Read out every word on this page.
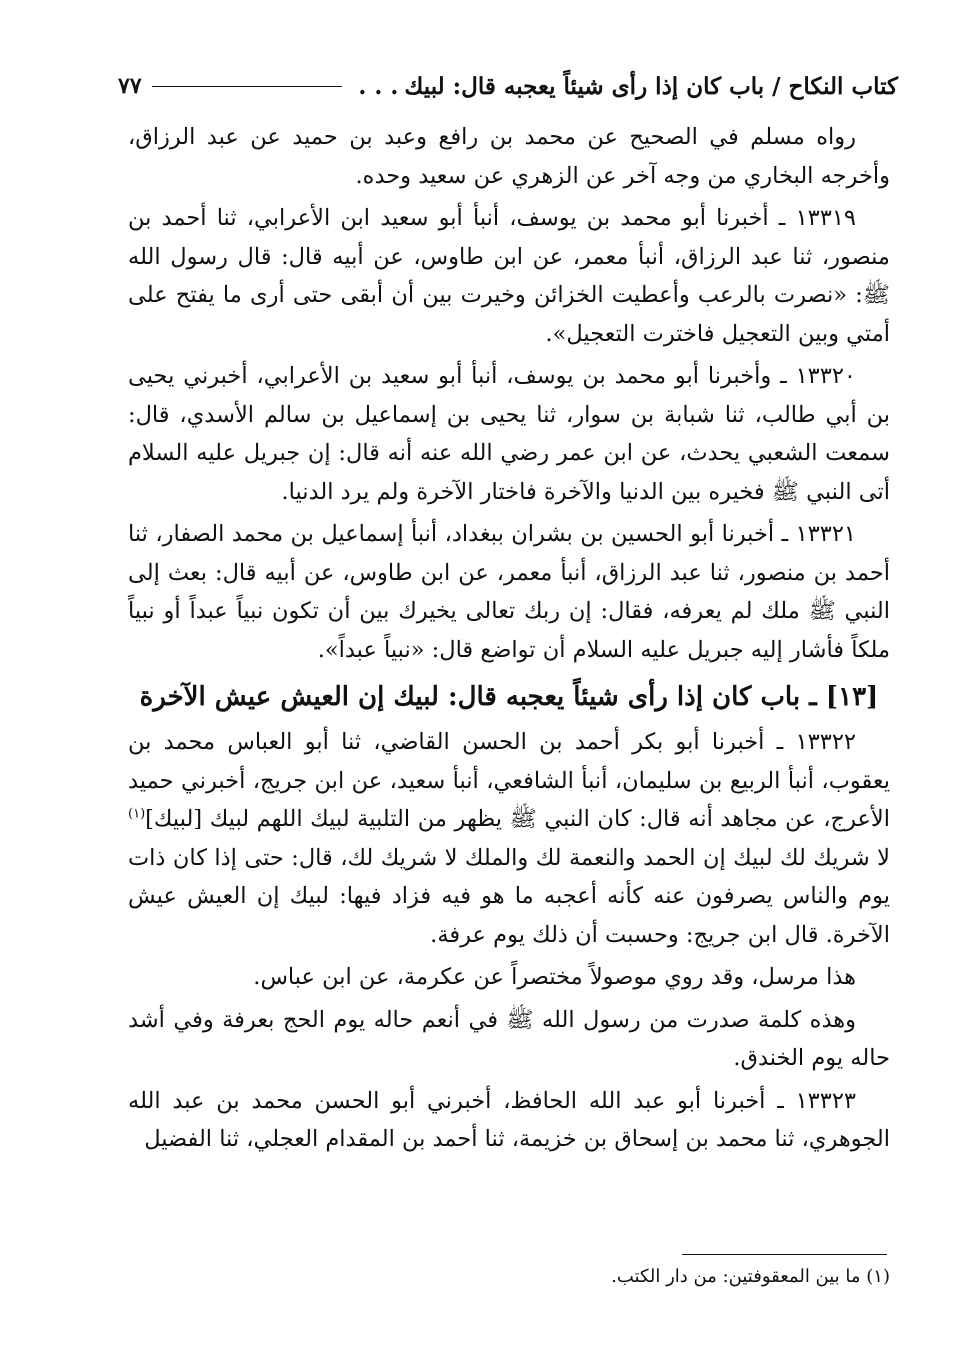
كتاب النكاح / باب كان إذا رأى شيئاً يعجبه قال: لبيك
. . .
٧٧

رواه مسلم في الصحيح عن محمد بن رافع وعبد بن حميد عن عبد الرزاق، وأخرجه البخاري من وجه آخر عن الزهري عن سعيد وحده.

١٣٣١٩ ـ أخبرنا أبو محمد بن يوسف، أنبأ أبو سعيد ابن الأعرابي، ثنا أحمد بن منصور، ثنا عبد الرزاق، أنبأ معمر، عن ابن طاوس، عن أبيه قال: قال رسول الله ﷺ: «نصرت بالرعب وأعطيت الخزائن وخيرت بين أن أبقى حتى أرى ما يفتح على أمتي وبين التعجيل فاخترت التعجيل».

١٣٣٢٠ ـ وأخبرنا أبو محمد بن يوسف، أنبأ أبو سعيد بن الأعرابي، أخبرني يحيى بن أبي طالب، ثنا شبابة بن سوار، ثنا يحيى بن إسماعيل بن سالم الأسدي، قال: سمعت الشعبي يحدث، عن ابن عمر رضي الله عنه أنه قال: إن جبريل عليه السلام أتى النبي ﷺ فخيره بين الدنيا والآخرة فاختار الآخرة ولم يرد الدنيا.

١٣٣٢١ ـ أخبرنا أبو الحسين بن بشران ببغداد، أنبأ إسماعيل بن محمد الصفار، ثنا أحمد بن منصور، ثنا عبد الرزاق، أنبأ معمر، عن ابن طاوس، عن أبيه قال: بعث إلى النبي ﷺ ملك لم يعرفه، فقال: إن ربك تعالى يخيرك بين أن تكون نبياً عبداً أو نبياً ملكاً فأشار إليه جبريل عليه السلام أن تواضع قال: «نبياً عبداً».

[١٣] ـ باب كان إذا رأى شيئاً يعجبه قال: لبيك إن العيش عيش الآخرة

١٣٣٢٢ ـ أخبرنا أبو بكر أحمد بن الحسن القاضي، ثنا أبو العباس محمد بن يعقوب، أنبأ الربيع بن سليمان، أنبأ الشافعي، أنبأ سعيد، عن ابن جريج، أخبرني حميد الأعرج، عن مجاهد أنه قال: كان النبي ﷺ يظهر من التلبية لبيك اللهم لبيك [لبيك]$^{(١)}$ لا شريك لك لبيك إن الحمد والنعمة لك والملك لا شريك لك، قال: حتى إذا كان ذات يوم والناس يصرفون عنه كأنه أعجبه ما هو فيه فزاد فيها: لبيك إن العيش عيش الآخرة. قال ابن جريج: وحسبت أن ذلك يوم عرفة.

هذا مرسل، وقد روي موصولاً مختصراً عن عكرمة، عن ابن عباس.

وهذه كلمة صدرت من رسول الله ﷺ في أنعم حاله يوم الحج بعرفة وفي أشد حاله يوم الخندق.

١٣٣٢٣ ـ أخبرنا أبو عبد الله الحافظ، أخبرني أبو الحسن محمد بن عبد الله الجوهري، ثنا محمد بن إسحاق بن خزيمة، ثنا أحمد بن المقدام العجلي، ثنا الفضيل

(١) ما بين المعقوفتين: من دار الكتب.
